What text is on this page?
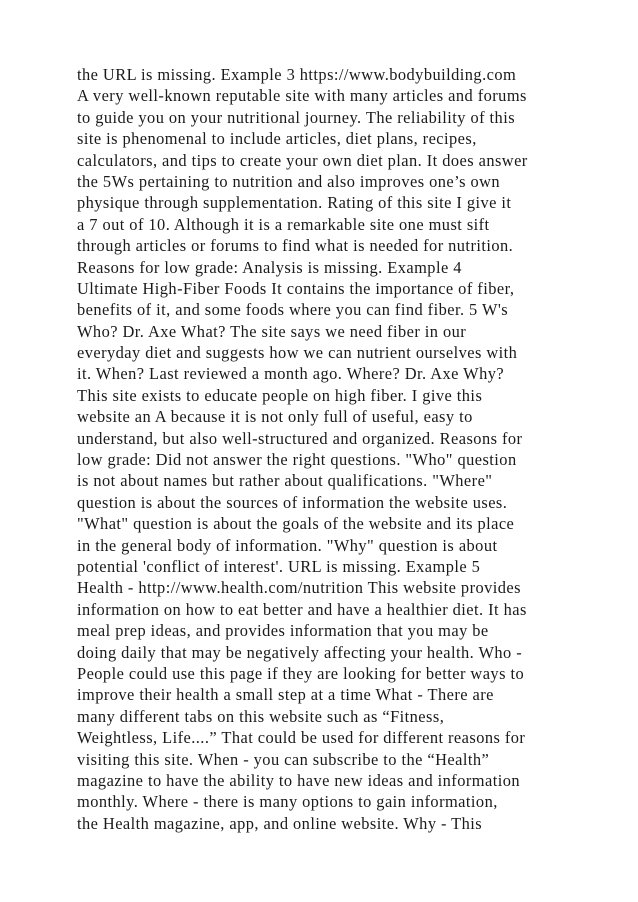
the URL is missing. Example 3 https://www.bodybuilding.com
A very well-known reputable site with many articles and forums
to guide you on your nutritional journey. The reliability of this
site is phenomenal to include articles, diet plans, recipes,
calculators, and tips to create your own diet plan. It does answer
the 5Ws pertaining to nutrition and also improves one’s own
physique through supplementation. Rating of this site I give it
a 7 out of 10. Although it is a remarkable site one must sift
through articles or forums to find what is needed for nutrition.
Reasons for low grade: Analysis is missing. Example 4
Ultimate High-Fiber Foods It contains the importance of fiber,
benefits of it, and some foods where you can find fiber. 5 W's
Who? Dr. Axe What? The site says we need fiber in our
everyday diet and suggests how we can nutrient ourselves with
it. When? Last reviewed a month ago. Where? Dr. Axe Why?
This site exists to educate people on high fiber. I give this
website an A because it is not only full of useful, easy to
understand, but also well-structured and organized. Reasons for
low grade: Did not answer the right questions. "Who" question
is not about names but rather about qualifications. "Where"
question is about the sources of information the website uses.
"What" question is about the goals of the website and its place
in the general body of information. "Why" question is about
potential 'conflict of interest'. URL is missing. Example 5
Health - http://www.health.com/nutrition This website provides
information on how to eat better and have a healthier diet. It has
meal prep ideas, and provides information that you may be
doing daily that may be negatively affecting your health. Who -
People could use this page if they are looking for better ways to
improve their health a small step at a time What - There are
many different tabs on this website such as “Fitness,
Weightless, Life....” That could be used for different reasons for
visiting this site. When - you can subscribe to the “Health”
magazine to have the ability to have new ideas and information
monthly. Where - there is many options to gain information,
the Health magazine, app, and online website. Why - This
